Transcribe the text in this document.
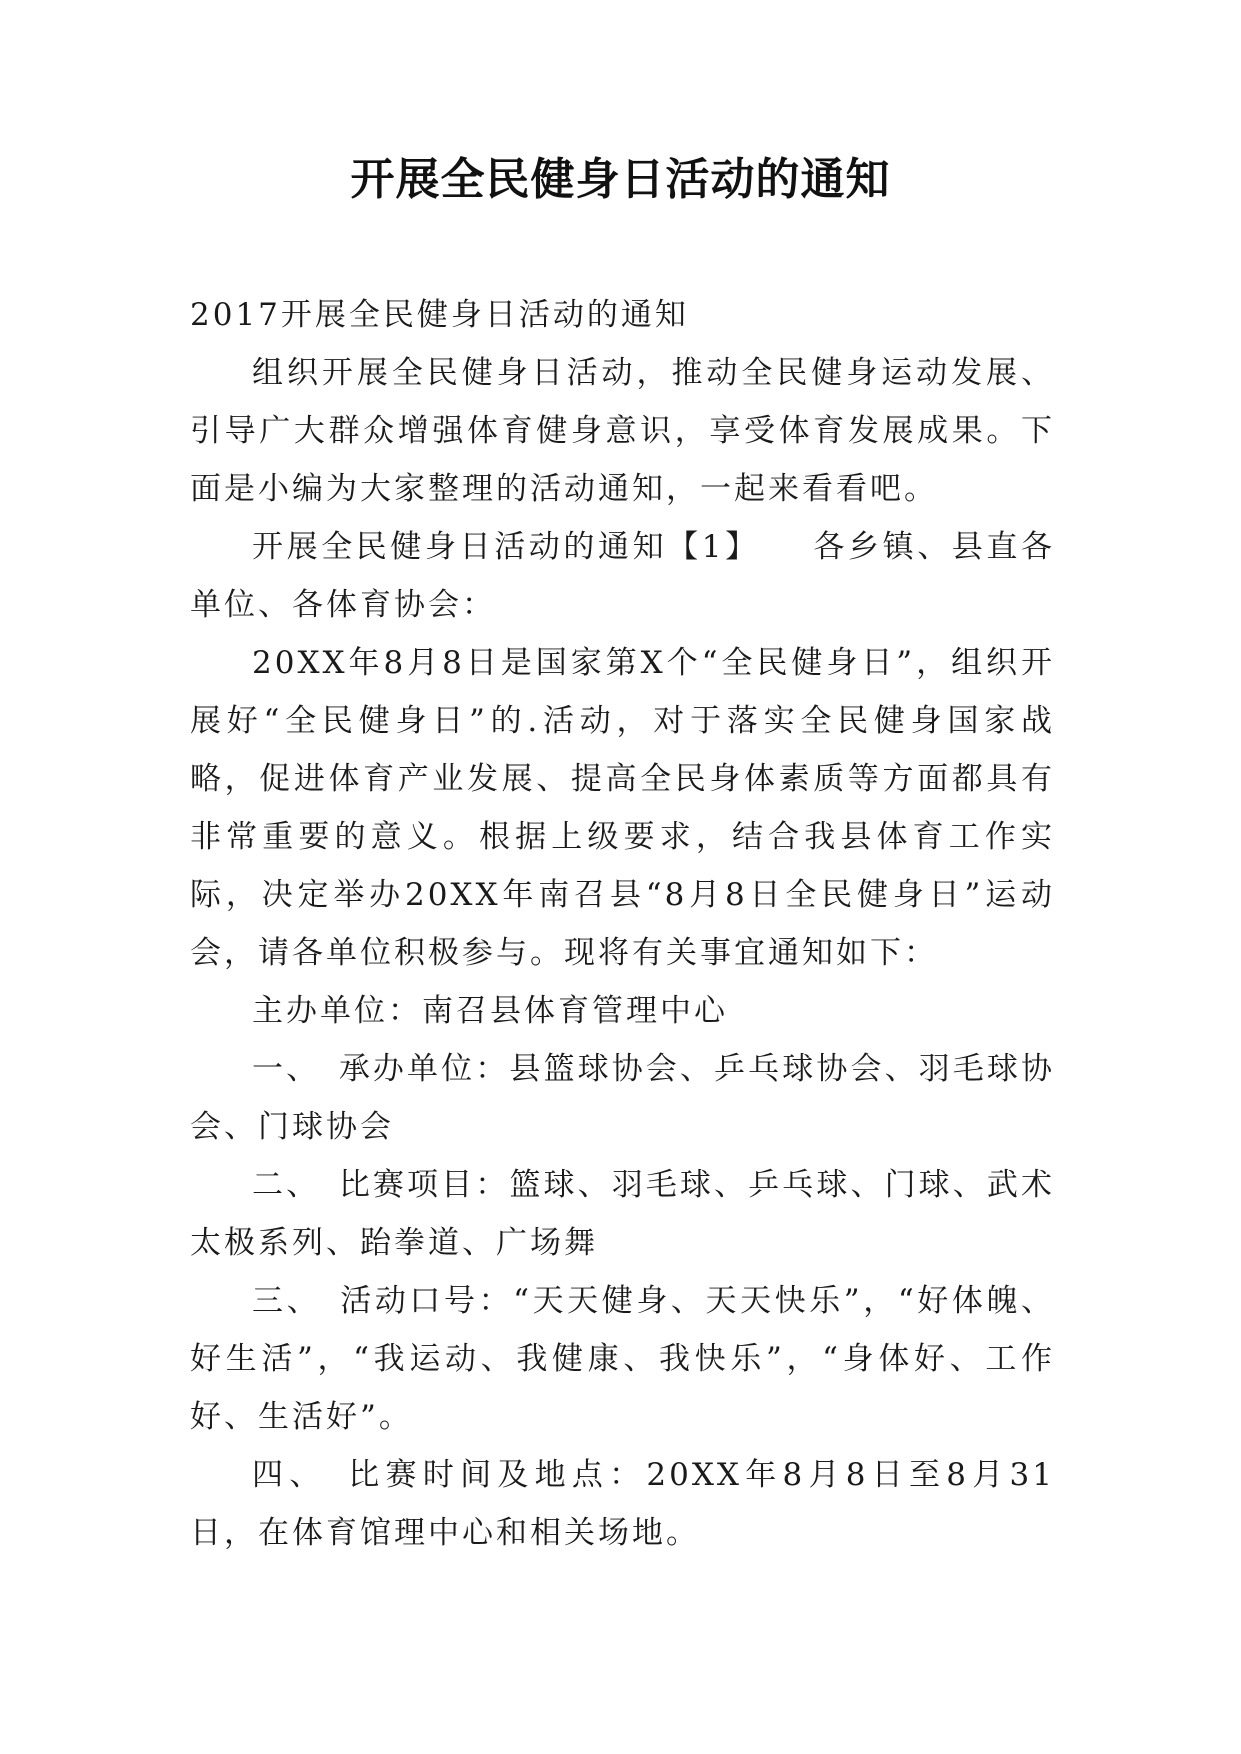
开展全民健身日活动的通知

2017开展全民健身日活动的通知

组织开展全民健身日活动，推动全民健身运动发展、引导广大群众增强体育健身意识，享受体育发展成果。下面是小编为大家整理的活动通知，一起来看看吧。

开展全民健身日活动的通知【1】　　各乡镇、县直各单位、各体育协会：

20XX年8月8日是国家第X个“全民健身日”，组织开展好“全民健身日”的.活动，对于落实全民健身国家战略，促进体育产业发展、提高全民身体素质等方面都具有非常重要的意义。根据上级要求，结合我县体育工作实际，决定举办20XX年南召县“8月8日全民健身日”运动会，请各单位积极参与。现将有关事宜通知如下：

主办单位：南召县体育管理中心

一、　承办单位：县篮球协会、乒乓球协会、羽毛球协会、门球协会

二、　比赛项目：篮球、羽毛球、乒乓球、门球、武术太极系列、跆拳道、广场舞

三、　活动口号：“天天健身、天天快乐”，“好体魄、好生活”，“我运动、我健康、我快乐”，“身体好、工作好、生活好”。

四、　比赛时间及地点：20XX年8月8日至8月31日，在体育馆理中心和相关场地。
